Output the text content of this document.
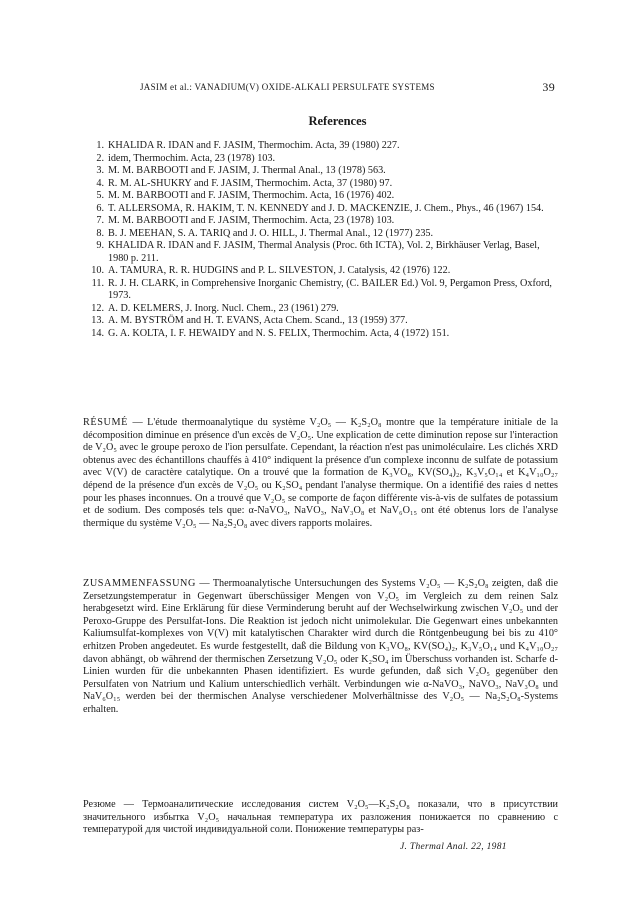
JASIM et al.: VANADIUM(V) OXIDE-ALKALI PERSULFATE SYSTEMS	39
References
1. KHALIDA R. IDAN and F. JASIM, Thermochim. Acta, 39 (1980) 227.
2. idem, Thermochim. Acta, 23 (1978) 103.
3. M. M. BARBOOTI and F. JASIM, J. Thermal Anal., 13 (1978) 563.
4. R. M. AL-SHUKRY and F. JASIM, Thermochim. Acta, 37 (1980) 97.
5. M. M. BARBOOTI and F. JASIM, Thermochim. Acta, 16 (1976) 402.
6. T. ALLERSOMA, R. HAKIM, T. N. KENNEDY and J. D. MACKENZIE, J. Chem., Phys., 46 (1967) 154.
7. M. M. BARBOOTI and F. JASIM, Thermochim. Acta, 23 (1978) 103.
8. B. J. MEEHAN, S. A. TARIQ and J. O. HILL, J. Thermal Anal., 12 (1977) 235.
9. KHALIDA R. IDAN and F. JASIM, Thermal Analysis (Proc. 6th ICTA), Vol. 2, Birkhäuser Verlag, Basel, 1980 p. 211.
10. A. TAMURA, R. R. HUDGINS and P. L. SILVESTON, J. Catalysis, 42 (1976) 122.
11. R. J. H. CLARK, in Comprehensive Inorganic Chemistry, (C. BAILER Ed.) Vol. 9, Pergamon Press, Oxford, 1973.
12. A. D. KELMERS, J. Inorg. Nucl. Chem., 23 (1961) 279.
13. A. M. BYSTRÖM and H. T. EVANS, Acta Chem. Scand., 13 (1959) 377.
14. G. A. KOLTA, I. F. HEWAIDY and N. S. FELIX, Thermochim. Acta, 4 (1972) 151.
RÉSUMÉ — L'étude thermoanalytique du système V₂O₅ — K₂S₂O₈ montre que la température initiale de la décomposition diminue en présence d'un excès de V₂O₅. Une explication de cette diminution repose sur l'interaction de V₂O₅ avec le groupe peroxo de l'ion persulfate. Cependant, la réaction n'est pas unimoléculaire. Les clichés XRD obtenus avec des échantillons chauffés à 410° indiquent la présence d'un complexe inconnu de sulfate de potassium avec V(V) de caractère catalytique. On a trouvé que la formation de K₃VO₈, KV(SO₄)₂, K₃V₅O₁₄ et K₄V₁₀O₂₇ dépend de la présence d'un excès de V₂O₅ ou K₂SO₄ pendant l'analyse thermique. On a identifié des raies d nettes pour les phases inconnues. On a trouvé que V₂O₅ se comporte de façon différente vis-à-vis de sulfates de potassium et de sodium. Des composés tels que: α-NaVO₃, NaVO₃, NaV₃O₈ et NaV₆O₁₅ ont été obtenus lors de l'analyse thermique du système V₂O₅ — Na₂S₂O₈ avec divers rapports molaires.
ZUSAMMENFASSUNG — Thermoanalytische Untersuchungen des Systems V₂O₅ — K₂S₂O₈ zeigten, daß die Zersetzungstemperatur in Gegenwart überschüssiger Mengen von V₂O₅ im Vergleich zu dem reinen Salz herabgesetzt wird. Eine Erklärung für diese Verminderung beruht auf der Wechselwirkung zwischen V₂O₅ und der Peroxo-Gruppe des Persulfat-Ions. Die Reaktion ist jedoch nicht unimolekular. Die Gegenwart eines unbekannten Kaliumsulfat-komplexes von V(V) mit katalytischen Charakter wird durch die Röntgenbeugung bei bis zu 410° erhitzen Proben angedeutet. Es wurde festgestellt, daß die Bildung von K₃VO₈, KV(SO₄)₂, K₃V₅O₁₄ und K₄V₁₀O₂₇ davon abhängt, ob während der thermischen Zersetzung V₂O₅ oder K₂SO₄ im Überschuss vorhanden ist. Scharfe d-Linien wurden für die unbekannten Phasen identifiziert. Es wurde gefunden, daß sich V₂O₅ gegenüber den Persulfaten von Natrium und Kalium unterschiedlich verhält. Verbindungen wie α-NaVO₃, NaVO₃, NaV₃O₈ und NaV₆O₁₅ werden bei der thermischen Analyse verschiedener Molverhältnisse des V₂O₅ — Na₂S₂O₈-Systems erhalten.
Резюме — Термоаналитические исследования систем V₂O₅—K₂S₂O₈ показали, что в присутствии значительного избытка V₂O₅ начальная температура их разложения понижается по сравнению с температурой для чистой индивидуальной соли. Понижение температуры раз-
J. Thermal Anal. 22, 1981
